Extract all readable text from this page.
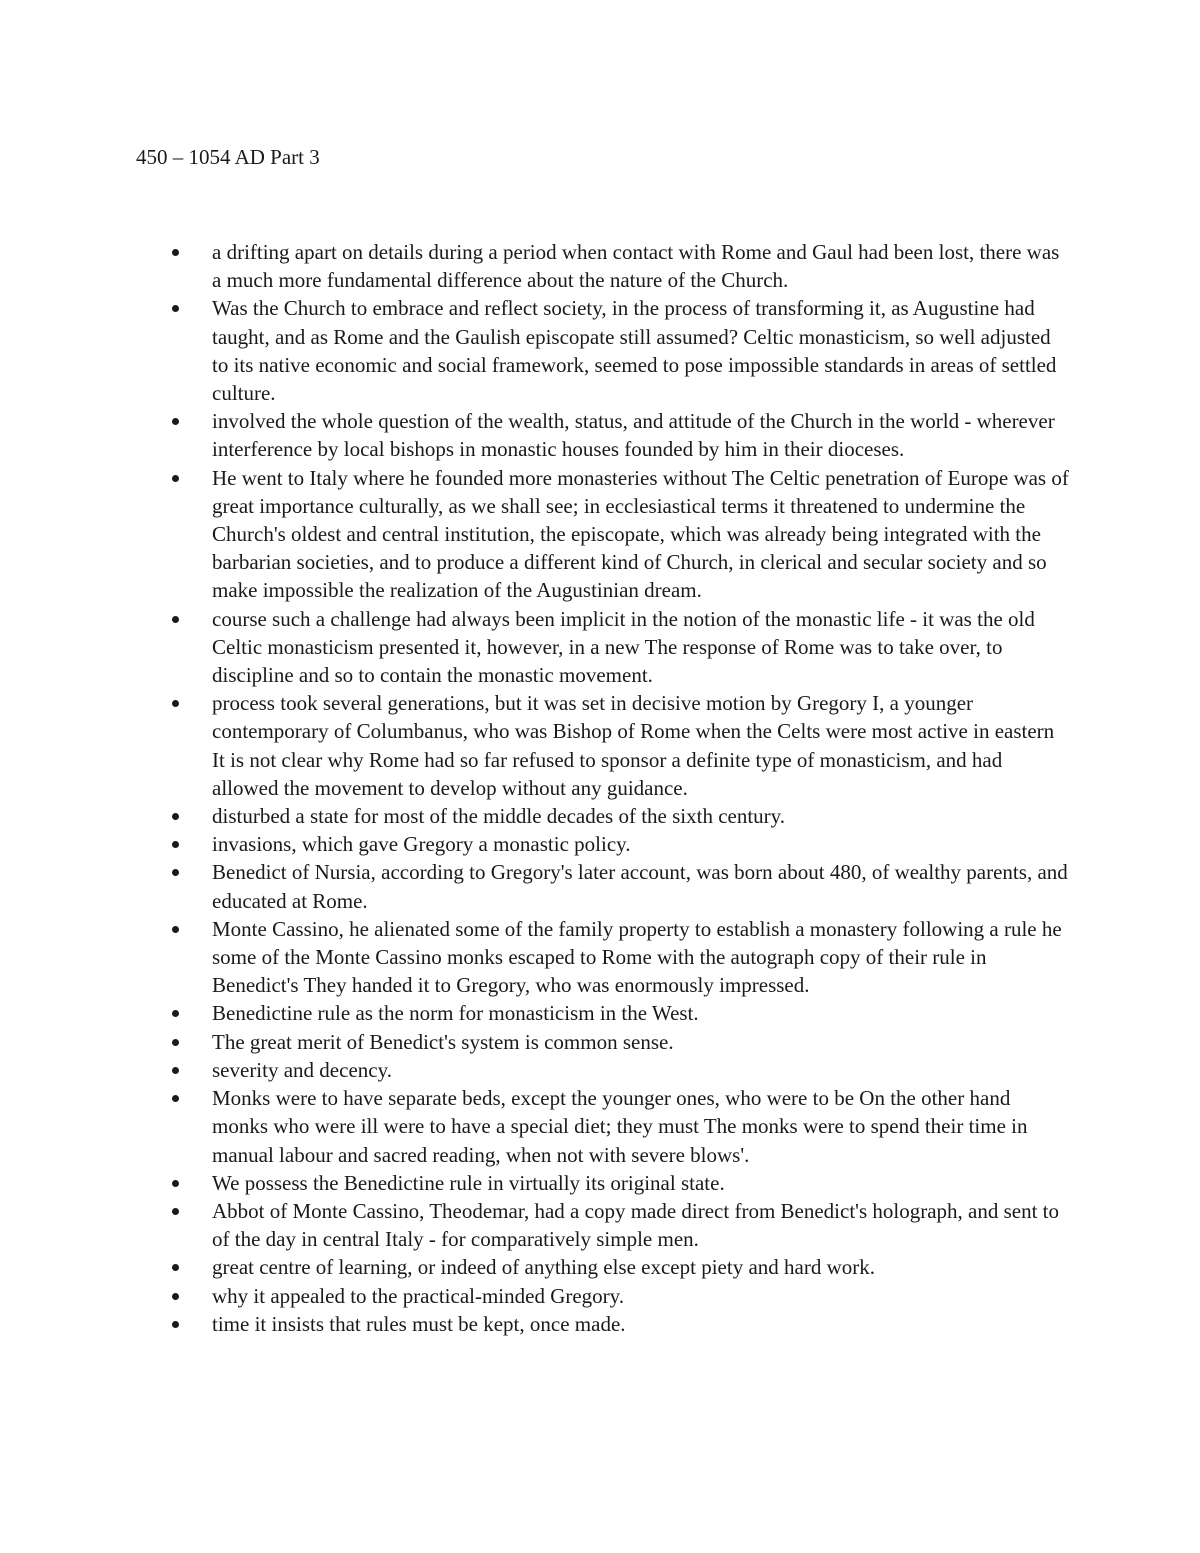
450 – 1054 AD Part 3
a drifting apart on details during a period when contact with Rome and Gaul had been lost, there was a much more fundamental difference about the nature of the Church.
Was the Church to embrace and reflect society, in the process of transforming it, as Augustine had taught, and as Rome and the Gaulish episcopate still assumed? Celtic monasticism, so well adjusted to its native economic and social framework, seemed to pose impossible standards in areas of settled culture.
involved the whole question of the wealth, status, and attitude of the Church in the world - wherever interference by local bishops in monastic houses founded by him in their dioceses.
He went to Italy where he founded more monasteries without The Celtic penetration of Europe was of great importance culturally, as we shall see; in ecclesiastical terms it threatened to undermine the Church's oldest and central institution, the episcopate, which was already being integrated with the barbarian societies, and to produce a different kind of Church, in clerical and secular society and so make impossible the realization of the Augustinian dream.
course such a challenge had always been implicit in the notion of the monastic life - it was the old Celtic monasticism presented it, however, in a new The response of Rome was to take over, to discipline and so to contain the monastic movement.
process took several generations, but it was set in decisive motion by Gregory I, a younger contemporary of Columbanus, who was Bishop of Rome when the Celts were most active in eastern It is not clear why Rome had so far refused to sponsor a definite type of monasticism, and had allowed the movement to develop without any guidance.
disturbed a state for most of the middle decades of the sixth century.
invasions, which gave Gregory a monastic policy.
Benedict of Nursia, according to Gregory's later account, was born about 480, of wealthy parents, and educated at Rome.
Monte Cassino, he alienated some of the family property to establish a monastery following a rule he some of the Monte Cassino monks escaped to Rome with the autograph copy of their rule in Benedict's They handed it to Gregory, who was enormously impressed.
Benedictine rule as the norm for monasticism in the West.
The great merit of Benedict's system is common sense.
severity and decency.
Monks were to have separate beds, except the younger ones, who were to be On the other hand monks who were ill were to have a special diet; they must The monks were to spend their time in manual labour and sacred reading, when not with severe blows'.
We possess the Benedictine rule in virtually its original state.
Abbot of Monte Cassino, Theodemar, had a copy made direct from Benedict's holograph, and sent to of the day in central Italy - for comparatively simple men.
great centre of learning, or indeed of anything else except piety and hard work.
why it appealed to the practical-minded Gregory.
time it insists that rules must be kept, once made.
